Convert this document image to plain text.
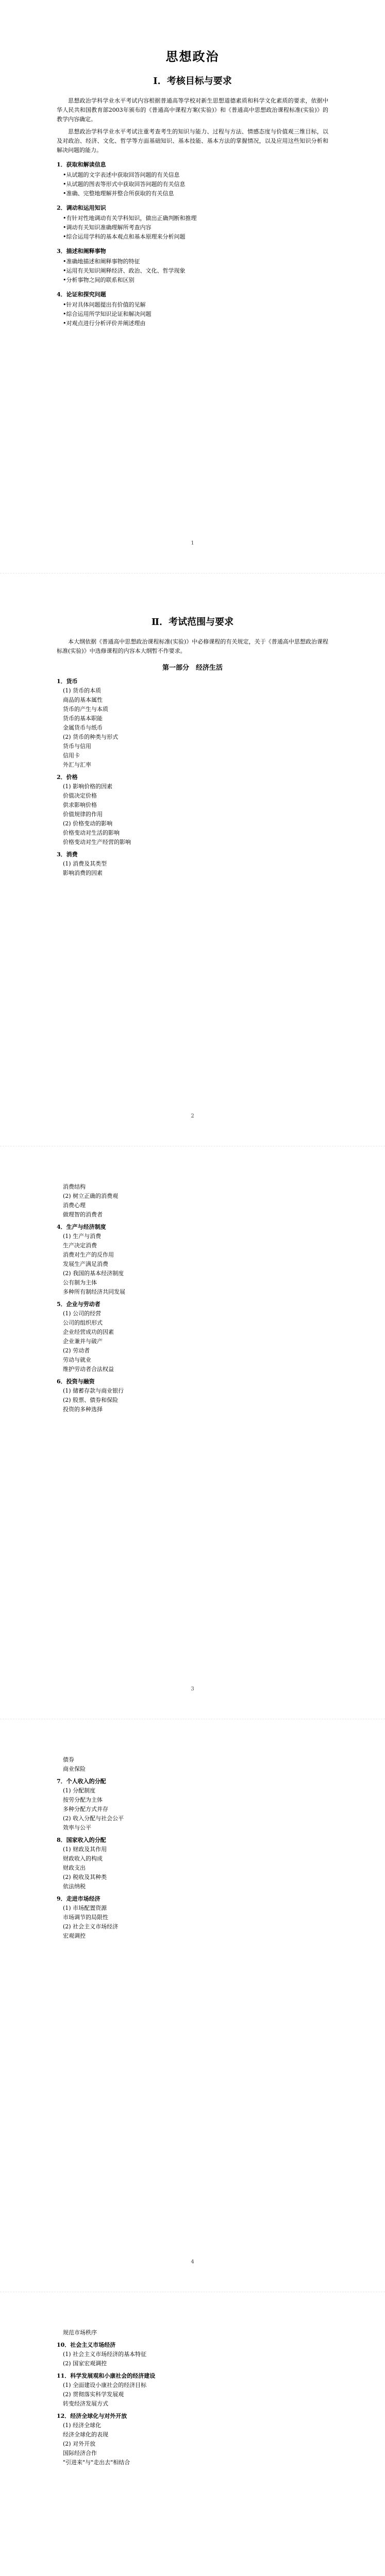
思想政治
Ⅰ．考核目标与要求

思想政治学科学业水平考试内容根据普通高等学校对新生思想道德素质和科学文化素质的要求，依据中华人民共和国教育部2003年颁布的《普通高中课程方案(实验)》和《普通高中思想政治课程标准(实验)》的教学内容确定。

思想政治学科学业水平考试注重考查考生的知识与能力、过程与方法、情感态度与价值观三维目标，以及对政治、经济、文化、哲学等方面基础知识、基本技能、基本方法的掌握情况，以及应用这些知识分析和解决问题的能力。

1．获取和解读信息
•从试题的文字表述中获取回答问题的有关信息
•从试题的图表等形式中获取回答问题的有关信息
•准确、完整地理解并整合所获取的有关信息
2．调动和运用知识
•有针对性地调动有关学科知识，做出正确判断和推理
•调动有关知识准确理解所考查内容
•综合运用学科的基本观点和基本原理来分析问题
3．描述和阐释事物
•准确地描述和阐释事物的特征
•运用有关知识阐释经济、政治、文化、哲学现象
•分析事物之间的联系和区别
4．论证和探究问题
•针对具体问题提出有价值的见解
•综合运用所学知识论证和解决问题
•对观点进行分析评价并阐述理由
1
Ⅱ．考试范围与要求

本大纲依据《普通高中思想政治课程标准(实验)》中必修课程的有关规定，关于《普通高中思想政治课程标准(实验)》中选修课程的内容本大纲暂不作要求。

第一部分　经济生活
1．货币
(1) 货币的本质
商品的基本属性
货币的产生与本质
货币的基本职能
金属货币与纸币
(2) 货币的种类与形式
货币与信用
信用卡
外汇与汇率
2．价格
(1) 影响价格的因素
价值决定价格
供求影响价格
价值规律的作用
(2) 价格变动的影响
价格变动对生活的影响
价格变动对生产经营的影响
3．消费
(1) 消费及其类型
影响消费的因素
2
消费结构
(2) 树立正确的消费观
消费心理
做理智的消费者
4．生产与经济制度
(1) 生产与消费
生产决定消费
消费对生产的反作用
发展生产满足消费
(2) 我国的基本经济制度
公有制为主体
多种所有制经济共同发展
5．企业与劳动者
(1) 公司的经营
公司的组织形式
企业经营成功的因素
企业兼并与破产
(2) 劳动者
劳动与就业
维护劳动者合法权益
6．投资与融资
(1) 储蓄存款与商业银行
(2) 股票、债券和保险
投资的多种选择
3
债券
商业保险
7．个人收入的分配
(1) 分配制度
按劳分配为主体
多种分配方式并存
(2) 收入分配与社会公平
效率与公平
8．国家收入的分配
(1) 财政及其作用
财政收入的构成
财政支出
(2) 税收及其种类
依法纳税
9．走进市场经济
(1) 市场配置资源
市场调节的局限性
(2) 社会主义市场经济
宏观调控
4
规范市场秩序
10．社会主义市场经济
(1) 社会主义市场经济的基本特征
(2) 国家宏观调控
11．科学发展观和小康社会的经济建设
(1) 全面建设小康社会的经济目标
(2) 贯彻落实科学发展观
转变经济发展方式
12．经济全球化与对外开放
(1) 经济全球化
经济全球化的表现
(2) 对外开放
国际经济合作
"引进来"与"走出去"相结合
